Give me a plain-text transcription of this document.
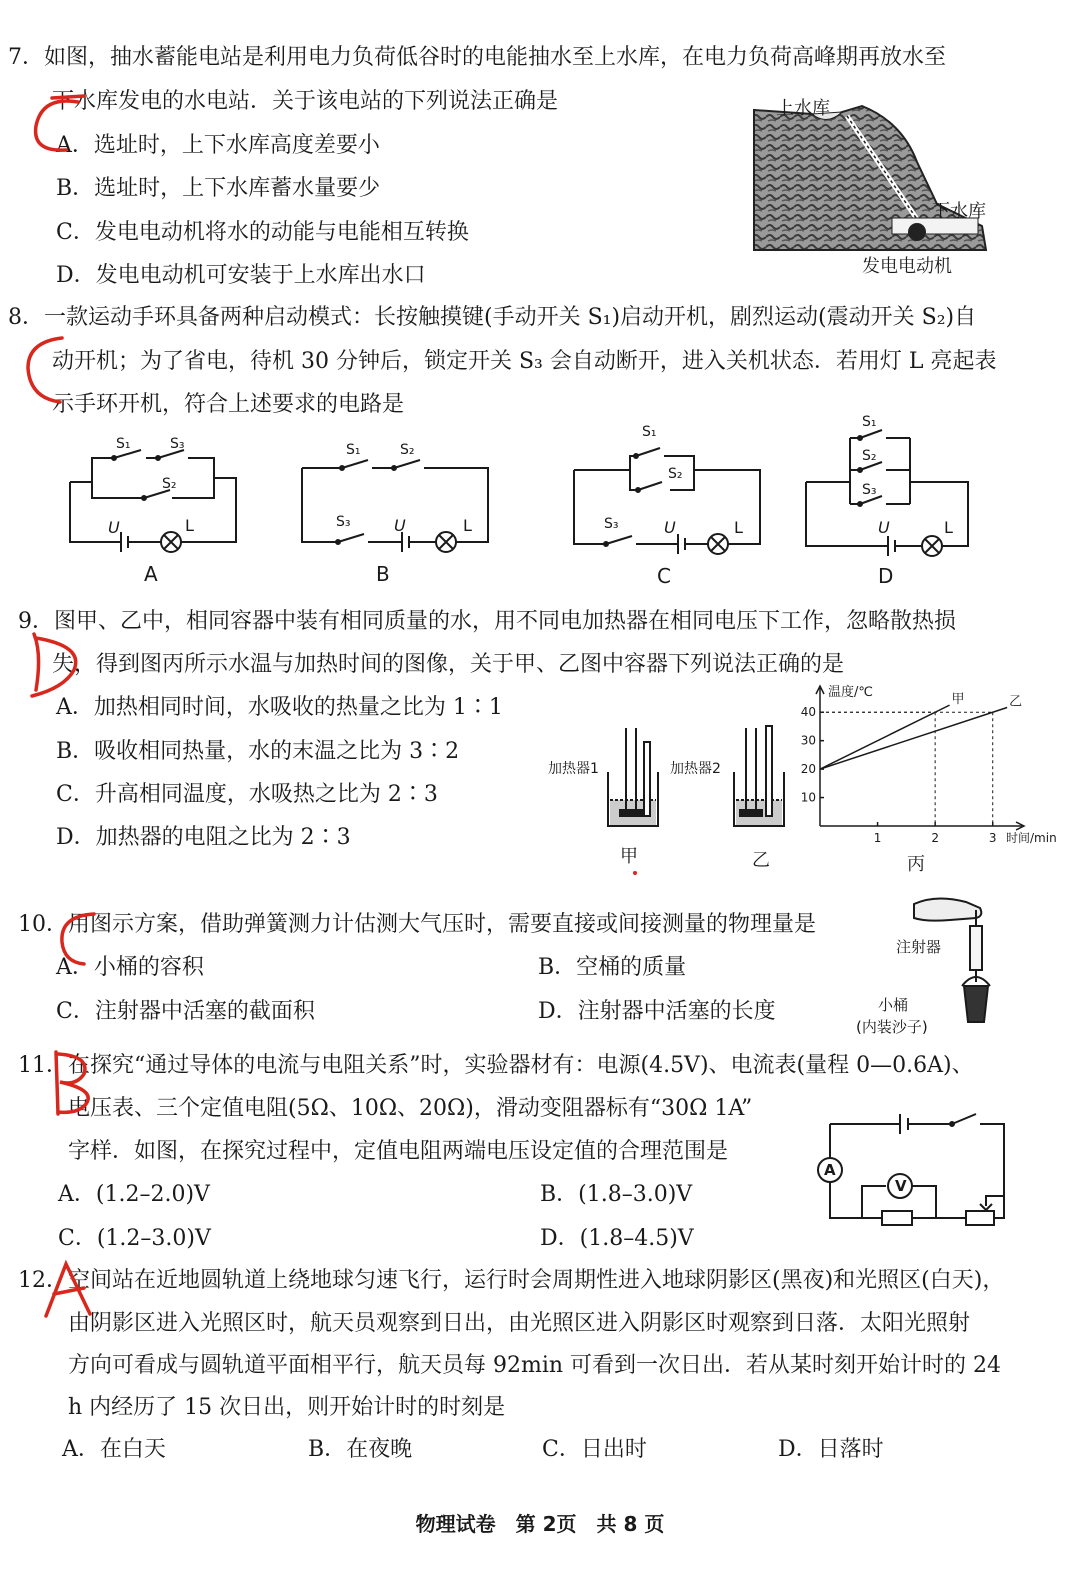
7．如图，抽水蓄能电站是利用电力负荷低谷时的电能抽水至上水库，在电力负荷高峰期再放水至
下水库发电的水电站．关于该电站的下列说法正确是
A．选址时，上下水库高度差要小
B．选址时，上下水库蓄水量要少
C．发电电动机将水的动能与电能相互转换
D．发电电动机可安装于上水库出水口
上水库
下水库
发电电动机
8．一款运动手环具备两种启动模式：长按触摸键(手动开关 S₁)启动开机，剧烈运动(震动开关 S₂)自
动开机；为了省电，待机 30 分钟后，锁定开关 S₃ 会自动断开，进入关机状态．若用灯 L 亮起表
示手环开机，符合上述要求的电路是
S₁	S₃
S₂
U	L
A
S₁	S₂
S₃	U	L
B
S₁
S₂
S₃	U	L
C
S₁
S₂
S₃
U	L
D
9．图甲、乙中，相同容器中装有相同质量的水，用不同电加热器在相同电压下工作，忽略散热损
失，得到图丙所示水温与加热时间的图像，关于甲、乙图中容器下列说法正确的是
A．加热相同时间，水吸收的热量之比为 1∶1
B．吸收相同热量，水的末温之比为 3∶2
C．升高相同温度，水吸热之比为 2∶3
D．加热器的电阻之比为 2∶3
加热器1	加热器2
甲	乙
10
20
30
40
1	2	3
甲	乙
温度/℃
时间/min
丙
10．用图示方案，借助弹簧测力计估测大气压时，需要直接或间接测量的物理量是
A．小桶的容积	B．空桶的质量
C．注射器中活塞的截面积	D．注射器中活塞的长度
注射器
小桶
(内装沙子)
11．在探究“通过导体的电流与电阻关系”时，实验器材有：电源(4.5V)、电流表(量程 0—0.6A)、
电压表、三个定值电阻(5Ω、10Ω、20Ω)，滑动变阻器标有“30Ω 1A”
字样．如图，在探究过程中，定值电阻两端电压设定值的合理范围是
A．(1.2–2.0)V	B．(1.8–3.0)V
C．(1.2–3.0)V	D．(1.8–4.5)V
A
V
12．空间站在近地圆轨道上绕地球匀速飞行，运行时会周期性进入地球阴影区(黑夜)和光照区(白天)，
由阴影区进入光照区时，航天员观察到日出，由光照区进入阴影区时观察到日落．太阳光照射
方向可看成与圆轨道平面相平行，航天员每 92min 可看到一次日出．若从某时刻开始计时的 24
h 内经历了 15 次日出，则开始计时的时刻是
A．在白天	B．在夜晚	C．日出时	D．日落时
物理试卷　第 2页　共 8 页
